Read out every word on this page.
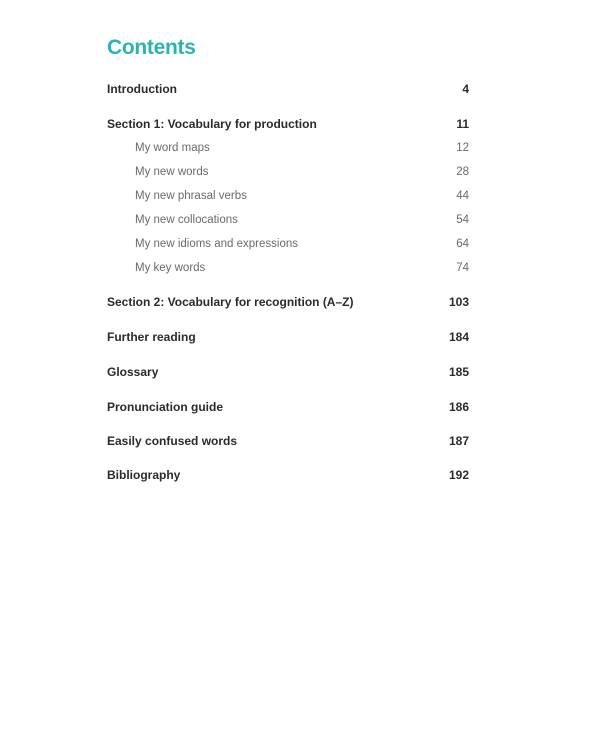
Contents
Introduction	4
Section 1: Vocabulary for production	11
My word maps	12
My new words	28
My new phrasal verbs	44
My new collocations	54
My new idioms and expressions	64
My key words	74
Section 2: Vocabulary for recognition (A–Z)	103
Further reading	184
Glossary	185
Pronunciation guide	186
Easily confused words	187
Bibliography	192
